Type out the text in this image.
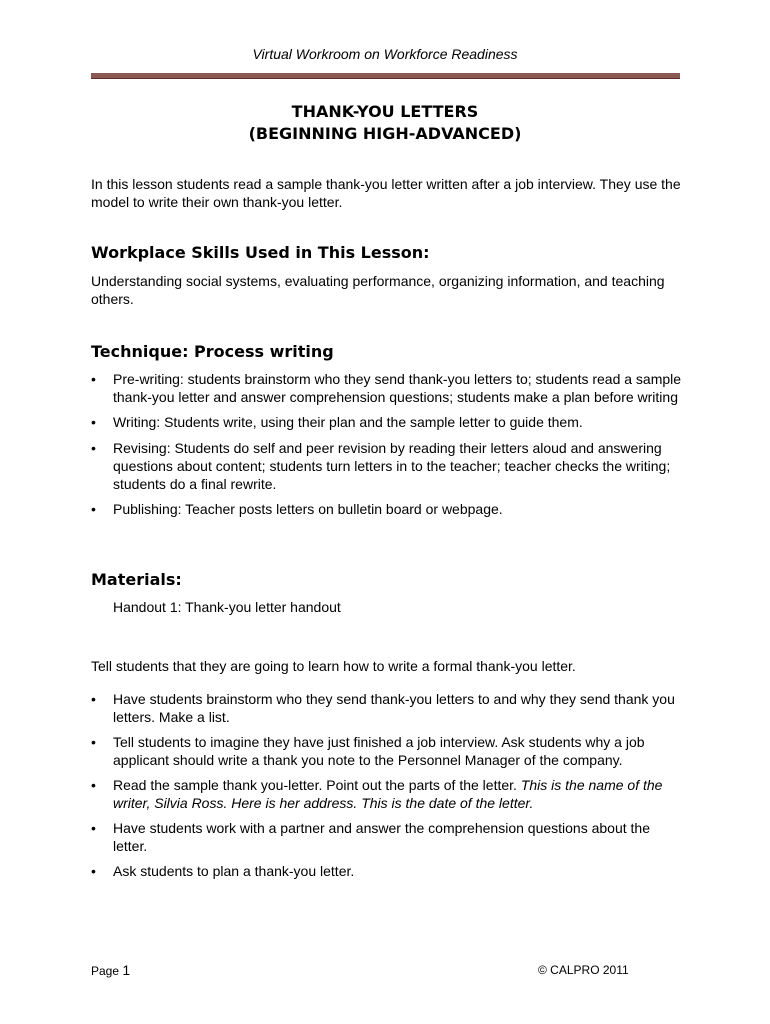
Virtual Workroom on Workforce Readiness
THANK-YOU LETTERS
(BEGINNING HIGH-ADVANCED)
In this lesson students read a sample thank-you letter written after a job interview. They use the model to write their own thank-you letter.
Workplace Skills Used in This Lesson:
Understanding social systems, evaluating performance, organizing information, and teaching others.
Technique: Process writing
• Pre-writing: students brainstorm who they send thank-you letters to; students read a sample thank-you letter and answer comprehension questions; students make a plan before writing
• Writing: Students write, using their plan and the sample letter to guide them.
• Revising: Students do self and peer revision by reading their letters aloud and answering questions about content; students turn letters in to the teacher; teacher checks the writing; students do a final rewrite.
• Publishing: Teacher posts letters on bulletin board or webpage.
Materials:
Handout 1: Thank-you letter handout
Tell students that they are going to learn how to write a formal thank-you letter.
• Have students brainstorm who they send thank-you letters to and why they send thank you letters. Make a list.
• Tell students to imagine they have just finished a job interview. Ask students why a job applicant should write a thank you note to the Personnel Manager of the company.
• Read the sample thank you-letter. Point out the parts of the letter. This is the name of the writer, Silvia Ross. Here is her address. This is the date of the letter.
• Have students work with a partner and answer the comprehension questions about the letter.
• Ask students to plan a thank-you letter.
Page 1	© CALPRO 2011
